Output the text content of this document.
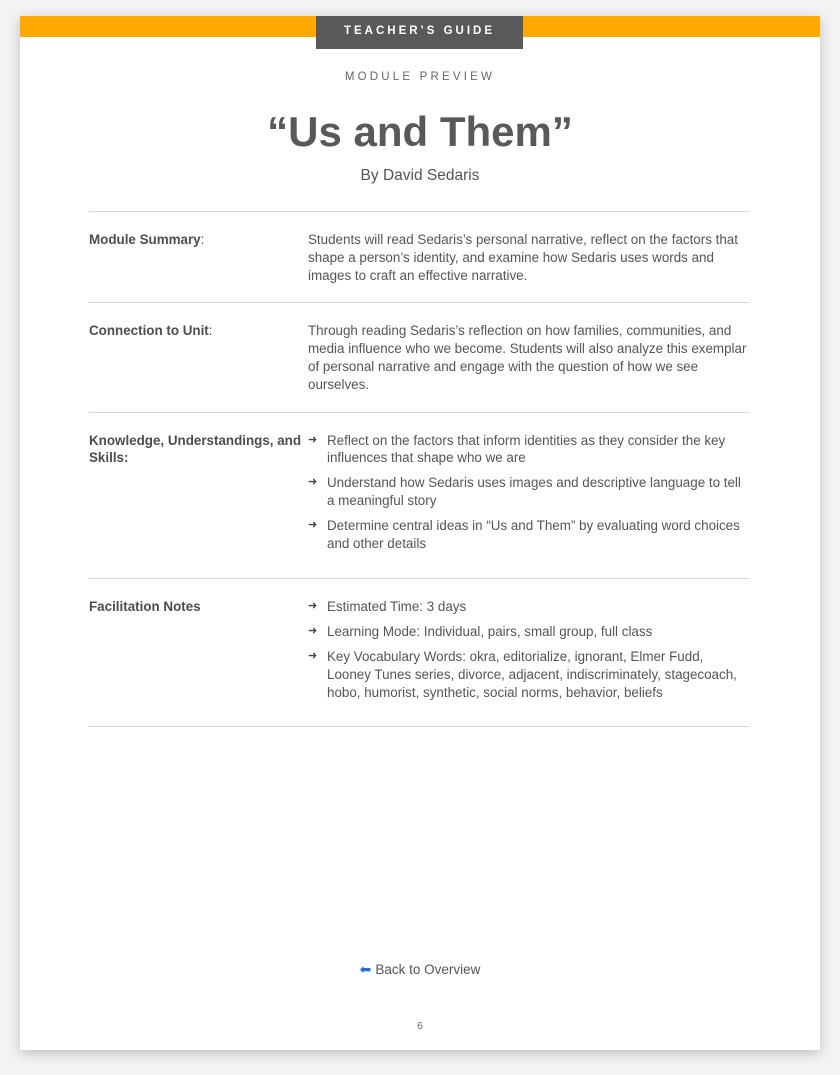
TEACHER’S GUIDE
MODULE PREVIEW
“Us and Them”
By David Sedaris
Module Summary:	Students will read Sedaris’s personal narrative, reflect on the factors that shape a person’s identity, and examine how Sedaris uses words and images to craft an effective narrative.
Connection to Unit:	Through reading Sedaris’s reflection on how families, communities, and media influence who we become. Students will also analyze this exemplar of personal narrative and engage with the question of how we see ourselves.
Knowledge, Understandings, and Skills:
➜ Reflect on the factors that inform identities as they consider the key influences that shape who we are
➜ Understand how Sedaris uses images and descriptive language to tell a meaningful story
➜ Determine central ideas in “Us and Them” by evaluating word choices and other details
Facilitation Notes	➜ Estimated Time: 3 days
➜ Learning Mode: Individual, pairs, small group, full class
➜ Key Vocabulary Words: okra, editorialize, ignorant, Elmer Fudd, Looney Tunes series, divorce, adjacent, indiscriminately, stagecoach, hobo, humorist, synthetic, social norms, behavior, beliefs
⬅ Back to Overview
6
